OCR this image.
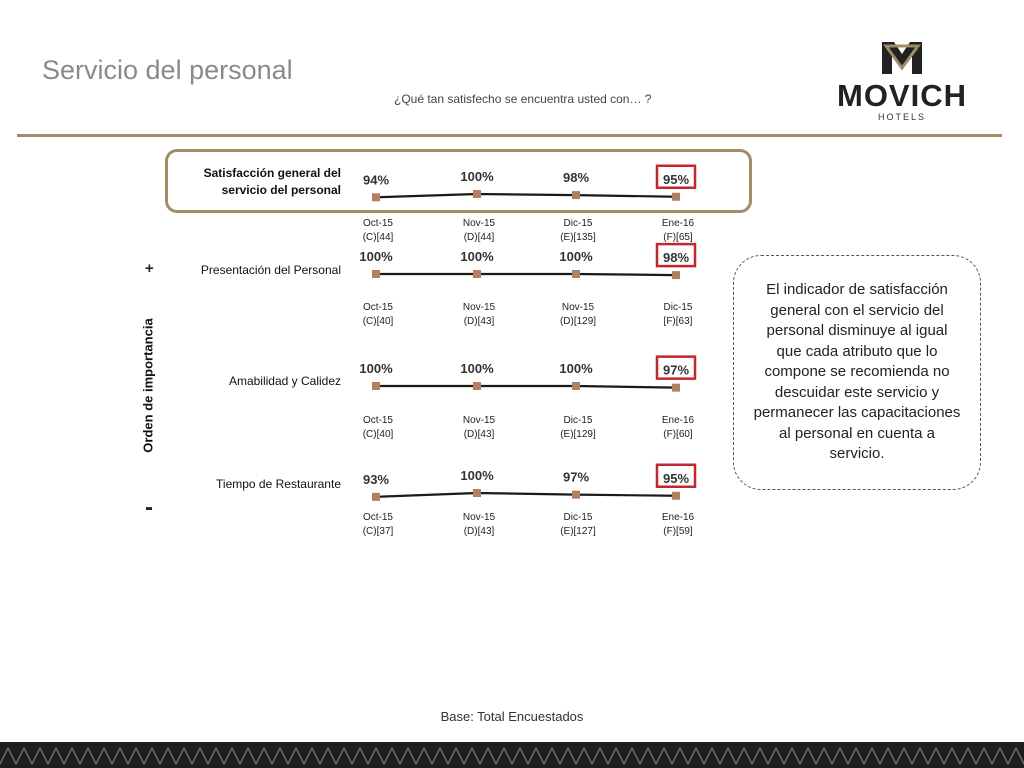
Servicio del personal
¿Qué tan satisfecho se encuentra usted con… ?	MOVICH
HOTELS
Satisfacción general del servicio del personal
Presentación del Personal
Amabilidad y Calidez
Tiempo de Restaurante
+
Orden de importancia
-
94%
Oct-15
(C)[44]
100%
Nov-15
(D)[44]
98%
Dic-15
(E)[135]
95%
Ene-16
(F)[65]
100%
Oct-15
(C)[40]
100%
Nov-15
(D)[43]
100%
Nov-15
(D)[129]
98%
Dic-15
[F)[63]
100%
Oct-15
(C)[40]
100%
Nov-15
(D)[43]
100%
Dic-15
(E)[129]
97%
Ene-16
(F)[60]
93%
Oct-15
(C)[37]
100%
Nov-15
(D)[43]
97%
Dic-15
(E)[127]
95%
Ene-16
(F)[59]
El indicador de satisfacción general con el servicio del personal disminuye al igual que cada atributo que lo compone se recomienda no descuidar este servicio y permanecer las capacitaciones al personal en cuenta a servicio.
Base: Total Encuestados
